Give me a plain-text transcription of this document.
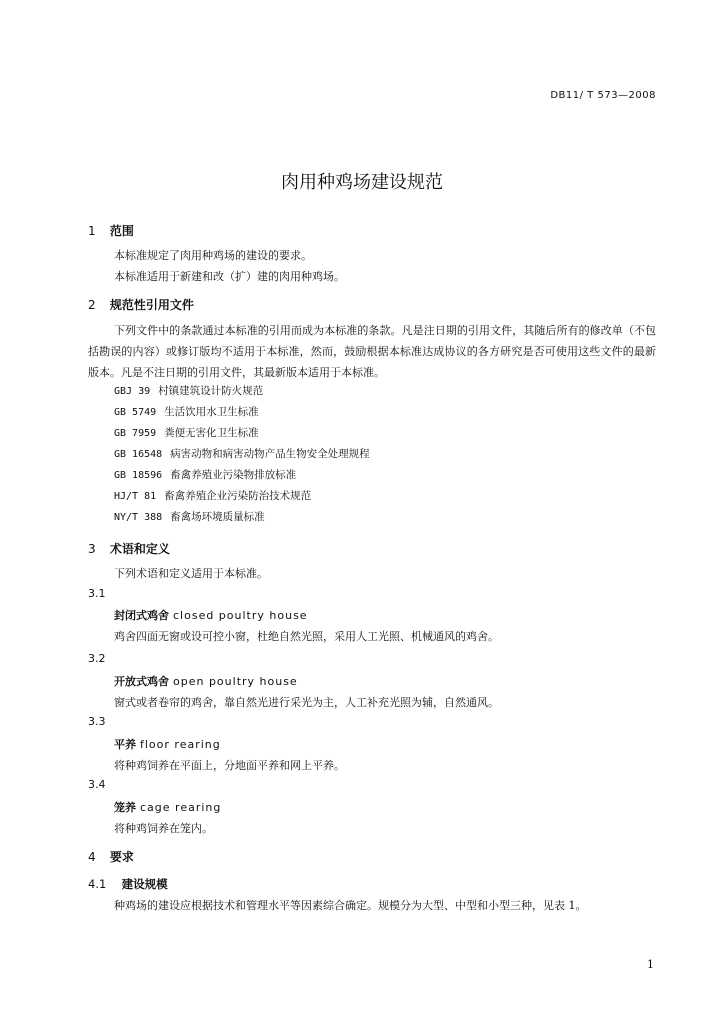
DB11/ T 573—2008
肉用种鸡场建设规范
1 范围
本标准规定了肉用种鸡场的建设的要求。
本标准适用于新建和改（扩）建的肉用种鸡场。
2 规范性引用文件
下列文件中的条款通过本标准的引用而成为本标准的条款。凡是注日期的引用文件，其随后所有的修改单（不包括勘误的内容）或修订版均不适用于本标准，然而，鼓励根据本标准达成协议的各方研究是否可使用这些文件的最新版本。凡是不注日期的引用文件，其最新版本适用于本标准。
GBJ 39 村镇建筑设计防火规范
GB 5749 生活饮用水卫生标准
GB 7959 粪便无害化卫生标准
GB 16548 病害动物和病害动物产品生物安全处理规程
GB 18596 畜禽养殖业污染物排放标准
HJ/T 81 畜禽养殖企业污染防治技术规范
NY/T 388 畜禽场环境质量标准
3 术语和定义
下列术语和定义适用于本标准。
3.1
封闭式鸡舍 closed poultry house
鸡舍四面无窗或设可控小窗，杜绝自然光照，采用人工光照、机械通风的鸡舍。
3.2
开放式鸡舍 open poultry house
窗式或者卷帘的鸡舍，靠自然光进行采光为主，人工补充光照为辅，自然通风。
3.3
平养 floor rearing
将种鸡饲养在平面上，分地面平养和网上平养。
3.4
笼养 cage rearing
将种鸡饲养在笼内。
4 要求
4.1 建设规模
种鸡场的建设应根据技术和管理水平等因素综合确定。规模分为大型、中型和小型三种，见表 1。
1
